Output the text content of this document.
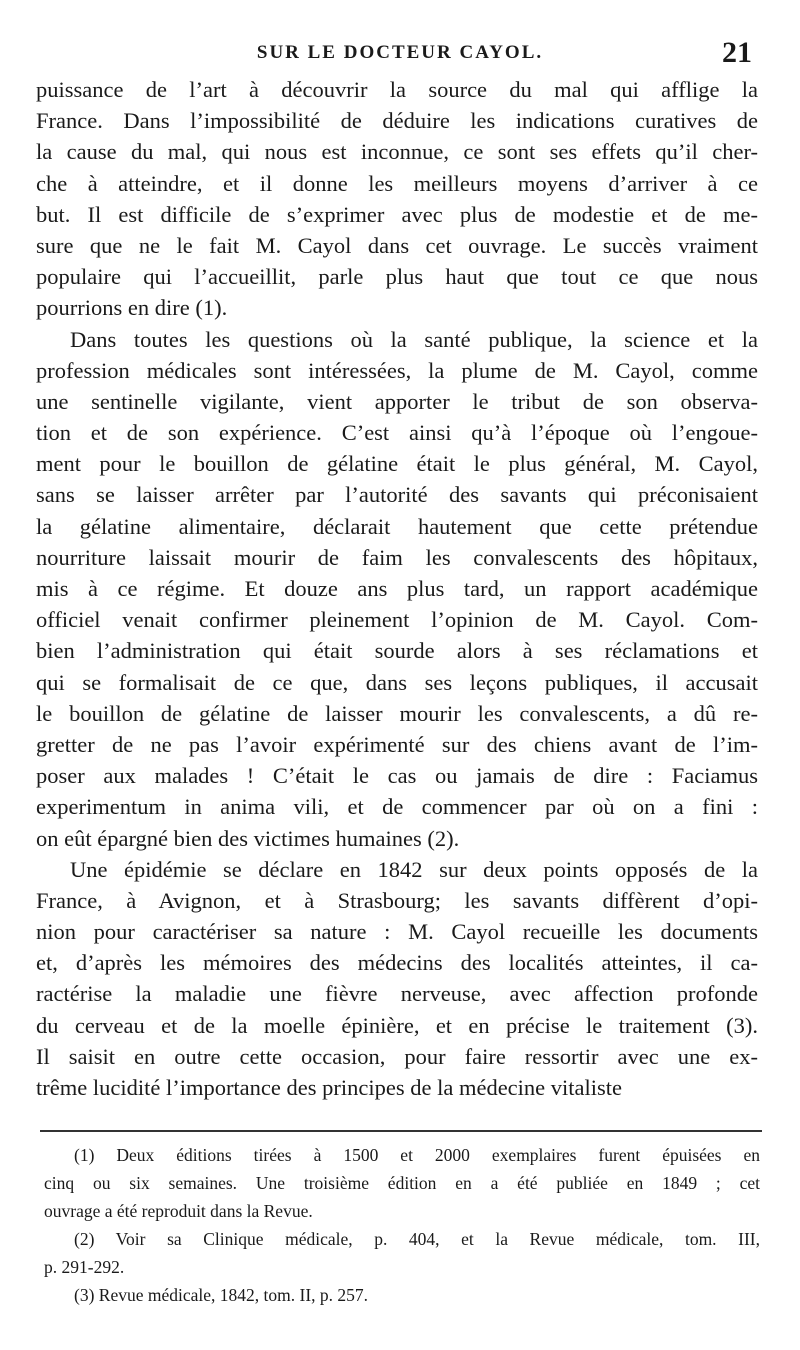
SUR LE DOCTEUR CAYOL.	21
puissance de l’art à découvrir la source du mal qui afflige la
France. Dans l’impossibilité de déduire les indications curatives de
la cause du mal, qui nous est inconnue, ce sont ses effets qu’il cher-
che à atteindre, et il donne les meilleurs moyens d’arriver à ce
but. Il est difficile de s’exprimer avec plus de modestie et de me-
sure que ne le fait M. Cayol dans cet ouvrage. Le succès vraiment
populaire qui l’accueillit, parle plus haut que tout ce que nous
pourrions en dire (1).
Dans toutes les questions où la santé publique, la science et la
profession médicales sont intéressées, la plume de M. Cayol, comme
une sentinelle vigilante, vient apporter le tribut de son observa-
tion et de son expérience. C’est ainsi qu’à l’époque où l’engoue-
ment pour le bouillon de gélatine était le plus général, M. Cayol,
sans se laisser arrêter par l’autorité des savants qui préconisaient
la gélatine alimentaire, déclarait hautement que cette prétendue
nourriture laissait mourir de faim les convalescents des hôpitaux,
mis à ce régime. Et douze ans plus tard, un rapport académique
officiel venait confirmer pleinement l’opinion de M. Cayol. Com-
bien l’administration qui était sourde alors à ses réclamations et
qui se formalisait de ce que, dans ses leçons publiques, il accusait
le bouillon de gélatine de laisser mourir les convalescents, a dû re-
gretter de ne pas l’avoir expérimenté sur des chiens avant de l’im-
poser aux malades ! C’était le cas ou jamais de dire : Faciamus
experimentum in anima vili, et de commencer par où on a fini :
on eût épargné bien des victimes humaines (2).
Une épidémie se déclare en 1842 sur deux points opposés de la
France, à Avignon, et à Strasbourg; les savants diffèrent d’opi-
nion pour caractériser sa nature : M. Cayol recueille les documents
et, d’après les mémoires des médecins des localités atteintes, il ca-
ractérise la maladie une fièvre nerveuse, avec affection profonde
du cerveau et de la moelle épinière, et en précise le traitement (3).
Il saisit en outre cette occasion, pour faire ressortir avec une ex-
trême lucidité l’importance des principes de la médecine vitaliste
(1) Deux éditions tirées à 1500 et 2000 exemplaires furent épuisées en
cinq ou six semaines. Une troisième édition en a été publiée en 1849 ; cet
ouvrage a été reproduit dans la Revue.
(2) Voir sa Clinique médicale, p. 404, et la Revue médicale, tom. III,
p. 291-292.
(3) Revue médicale, 1842, tom. II, p. 257.
